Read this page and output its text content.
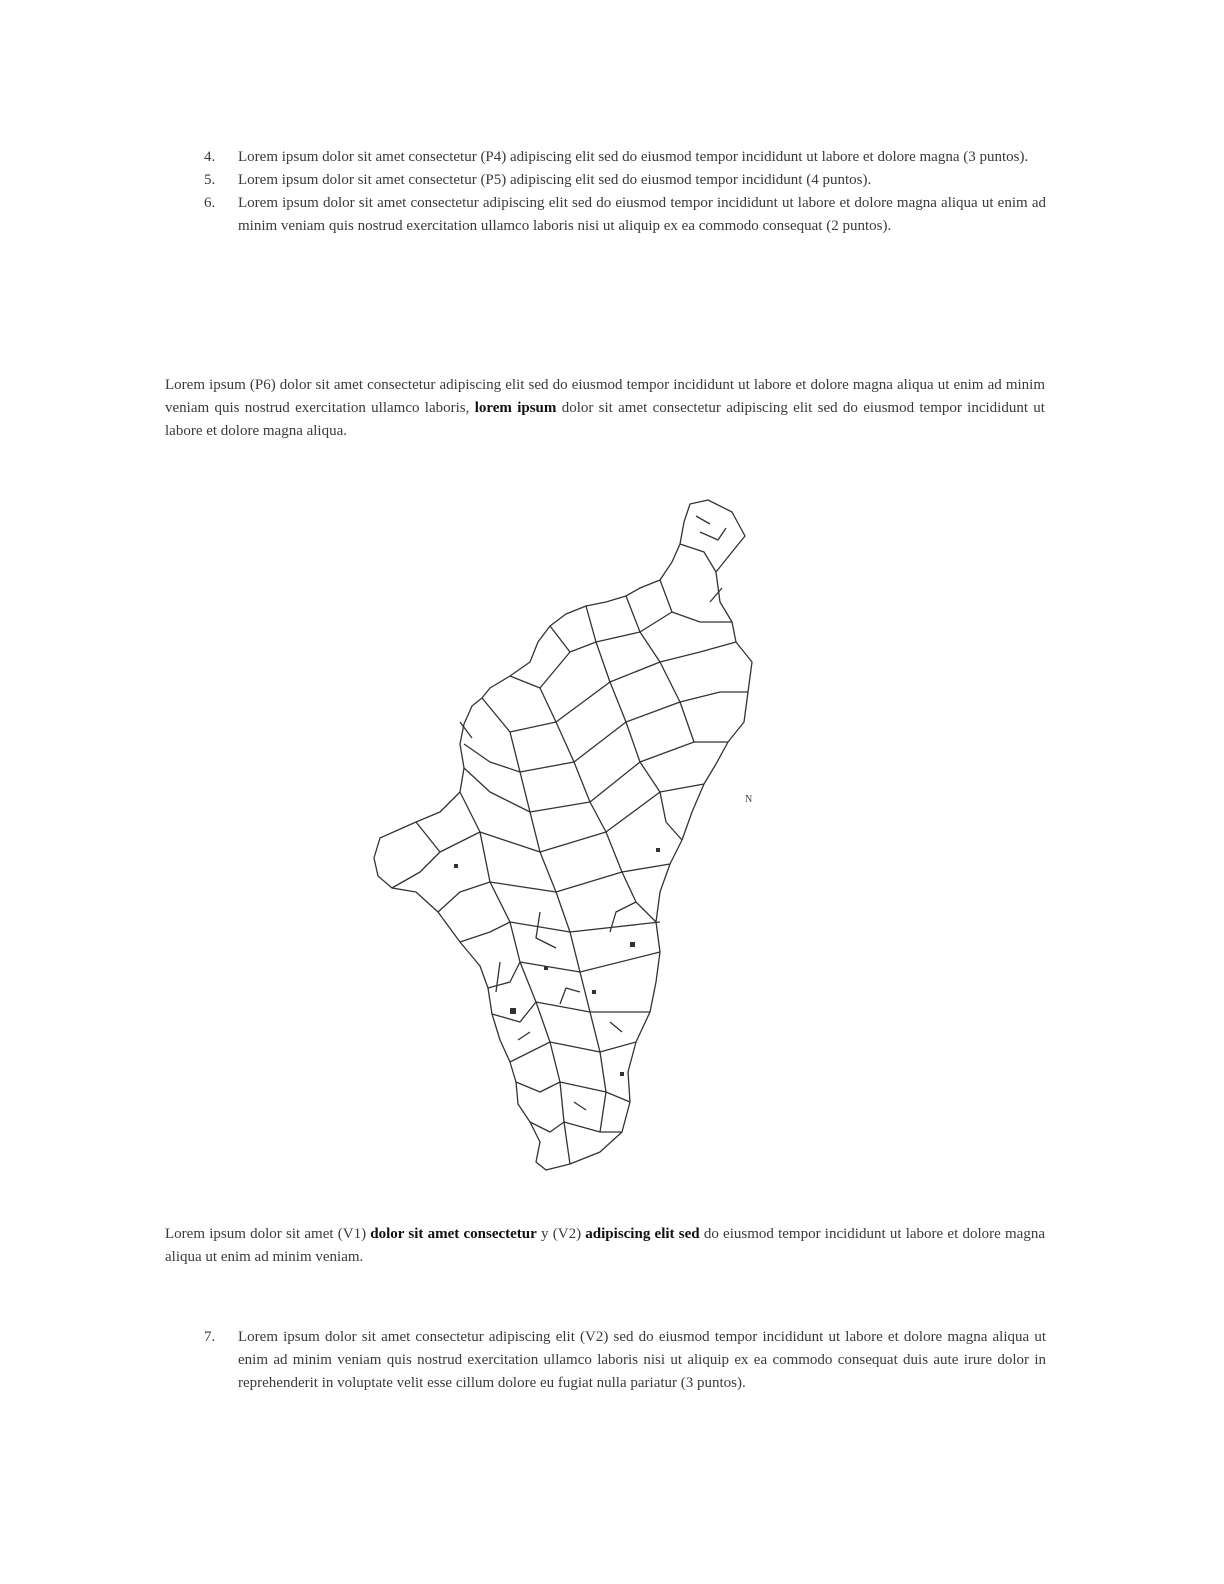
4. Lorem ipsum dolor sit amet consectetur (P4) adipiscing elit sed do eiusmod tempor incididunt ut labore et dolore magna (3 puntos).
5. Lorem ipsum dolor sit amet consectetur (P5) adipiscing elit sed do eiusmod tempor incididunt (4 puntos).
6. Lorem ipsum dolor sit amet consectetur adipiscing elit sed do eiusmod tempor incididunt ut labore et dolore magna aliqua ut enim ad minim veniam quis nostrud exercitation ullamco laboris nisi ut aliquip ex ea commodo consequat (2 puntos).

Lorem ipsum (P6) dolor sit amet consectetur adipiscing elit sed do eiusmod tempor incididunt ut labore et dolore magna aliqua ut enim ad minim veniam quis nostrud exercitation ullamco laboris, lorem ipsum dolor sit amet consectetur adipiscing elit sed do eiusmod tempor incididunt ut labore et dolore magna aliqua.

N

Lorem ipsum dolor sit amet (V1) dolor sit amet consectetur y (V2) adipiscing elit sed do eiusmod tempor incididunt ut labore et dolore magna aliqua ut enim ad minim veniam.

7. Lorem ipsum dolor sit amet consectetur adipiscing elit (V2) sed do eiusmod tempor incididunt ut labore et dolore magna aliqua ut enim ad minim veniam quis nostrud exercitation ullamco laboris nisi ut aliquip ex ea commodo consequat duis aute irure dolor in reprehenderit in voluptate velit esse cillum dolore eu fugiat nulla pariatur (3 puntos).
